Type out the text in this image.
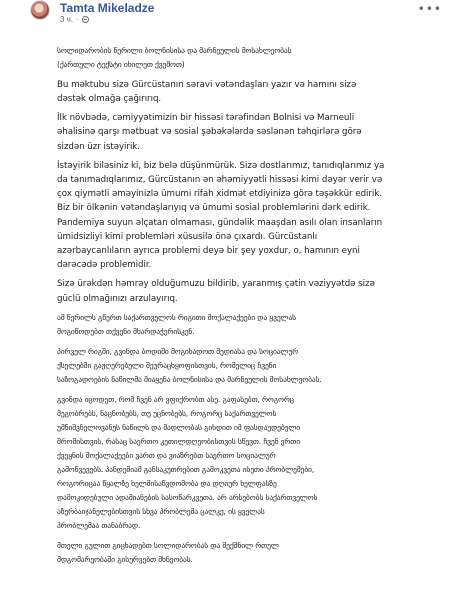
Tamta Mikeladze
3 ч. ·
•••
სოლიდარობის წერილი ბოლნისისა და მარნეულის მოსახლეობას
(ქართული ტექსტი იხილეთ ქვემოთ)
Bu məktubu sizə Gürcüstanın səravi vətəndaşları yazır və hamını sizə
dəstək olmağa çağırırıq.
İlk növbədə, cəmiyyətimizin bir hissəsi tərəfindən Bolnisi və Marneuli
əhalisinə qarşı mətbuat və sosial şəbəkələrdə səslənən təhqirlərə görə
sizdən üzr istəyirik.
İstəyirik biləsiniz ki, biz belə düşünmürük. Sizə dostlarımız, tanıdıqlarımız ya
da tanımadıqlarımız, Gürcüstanın ən əhəmiyyətli hissəsi kimi dəyər verir və
çox qiymətli əməyinizlə ümumi rifah xidmət etdiyinizə görə təşəkkür edirik.
Biz bir ölkənin vətəndaşlarıyıq və ümumi sosial problemlərini dərk edirik.
Pandemiya suyun əlçatan olmaması, gündəlik maaşdan asılı olan insanların
ümidsizliyi kimi problemləri xüsusilə önə çıxardı. Gürcüstanlı
azərbaycanlıların ayrıca problemi deyə bir şey yoxdur, o, hamının eyni
dərəcədə problemidir.
Sizə ürəkdən həmrəy olduğumuzu bildirib, yaranmış çətin vəziyyətdə sizə
güclü olmağınızı arzulayırıq.
ამ წერილს გწერთ საქართველოს რიგითი მოქალაქეები და ყველას
მოგიწოდებთ თქვენი მხარდაჭერისკენ.
პირველ რიგში, გვინდა ბოდიში მოგიხადოთ მედიასა და სოციალურ
ქსელებში გაჟღერებული შეურაცხყოფისთვის, რომელიც ჩვენი
საზოგადოების ნაწილმა მიაყენა ბოლნისისა და მარნეულის მოსახლეობას.
გვინდა იცოდეთ, რომ ჩვენ არ ვფიქრობთ ასე. გაფასებთ, როგორც
მეგობრებს, ნაცნობებს, თუ უცნობებს, როგორც საქართველოს
უმნიშვნელოვანეს ნაწილს და მადლობას გიხდით იმ ფასდაუდებელი
შრომისთვის, რასაც საერთო კეთილდღეობისთვის სწევთ. ჩვენ ერთი
ქვეყნის მოქალაქეები ვართ და ვიაზრებთ საერთო სოციალურ
გამოწვევებს. პანდემიამ განსაკუთრებით გამოკვეთა ისეთი პრობლემები,
როგორიცაა წყალზე ხელმისაწვდომობა და დღიურ ხელფასზე
დამოკიდებული ადამიანების სასოწარკვეთა. არ არსებობს საქართველოს
აზერბაიჯანელებისთვის სხვა პრობლემა ცალკე, ის ყველას
პრობლემაა თანაბრად.
მთელი გულით გიცხადებთ სოლიდარობას და შექმნილ რთულ
მდგომარეობაში გისურვებთ მხნეობას.
